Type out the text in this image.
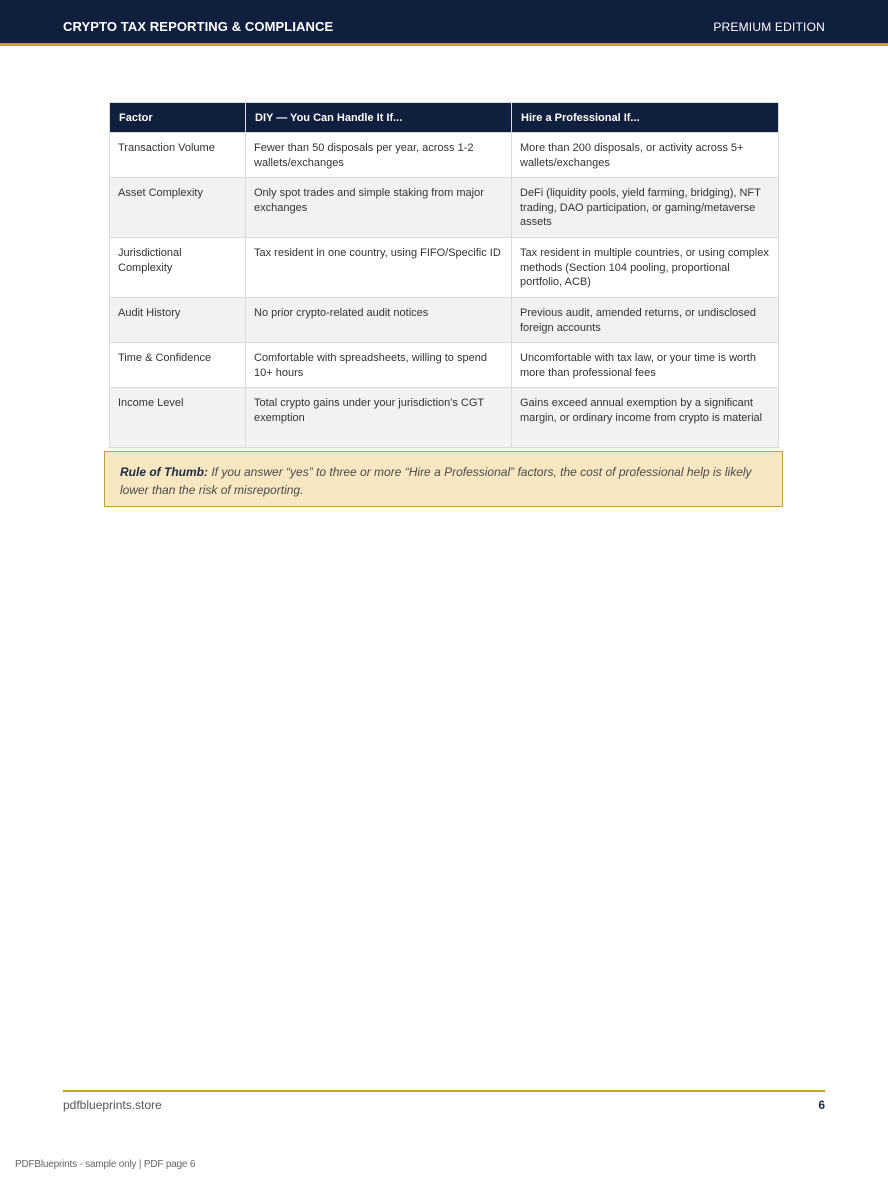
CRYPTO TAX REPORTING & COMPLIANCE	PREMIUM EDITION
Factor	DIY — You Can Handle It If...	Hire a Professional If...
Transaction Volume	Fewer than 50 disposals per year, across 1-2 wallets/exchanges	More than 200 disposals, or activity across 5+ wallets/exchanges
Asset Complexity	Only spot trades and simple staking from major exchanges	DeFi (liquidity pools, yield farming, bridging), NFT trading, DAO participation, or gaming/metaverse assets
Jurisdictional Complexity	Tax resident in one country, using FIFO/Specific ID	Tax resident in multiple countries, or using complex methods (Section 104 pooling, proportional portfolio, ACB)
Audit History	No prior crypto-related audit notices	Previous audit, amended returns, or undisclosed foreign accounts
Time & Confidence	Comfortable with spreadsheets, willing to spend 10+ hours	Uncomfortable with tax law, or your time is worth more than professional fees
Income Level	Total crypto gains under your jurisdiction's CGT exemption	Gains exceed annual exemption by a significant margin, or ordinary income from crypto is material
Rule of Thumb: If you answer “yes” to three or more “Hire a Professional” factors, the cost of professional help is likely lower than the risk of misreporting.
pdfblueprints.store	6
PDFBlueprints - sample only | PDF page 6
